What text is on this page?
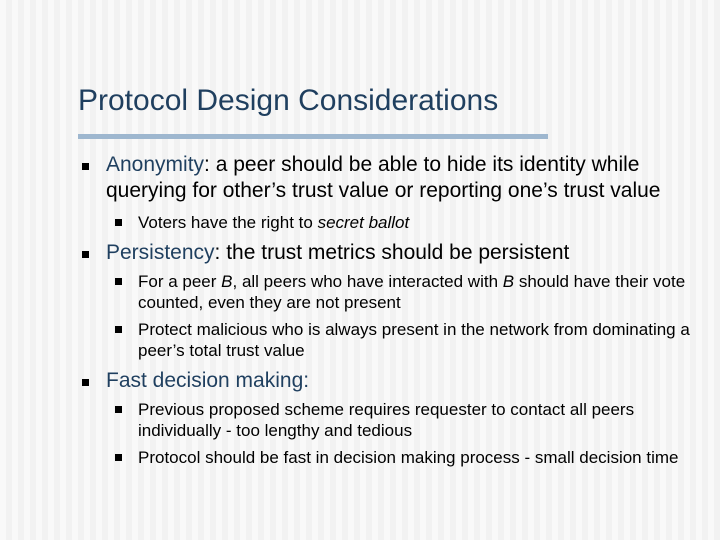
Protocol Design Considerations
Anonymity: a peer should be able to hide its identity while querying for other’s trust value or reporting one’s trust value
Voters have the right to secret ballot
Persistency: the trust metrics should be persistent
For a peer B, all peers who have interacted with B should have their vote counted, even they are not present
Protect malicious who is always present in the network from dominating a peer’s total trust value
Fast decision making:
Previous proposed scheme requires requester to contact all peers individually - too lengthy and tedious
Protocol should be fast in decision making process - small decision time
